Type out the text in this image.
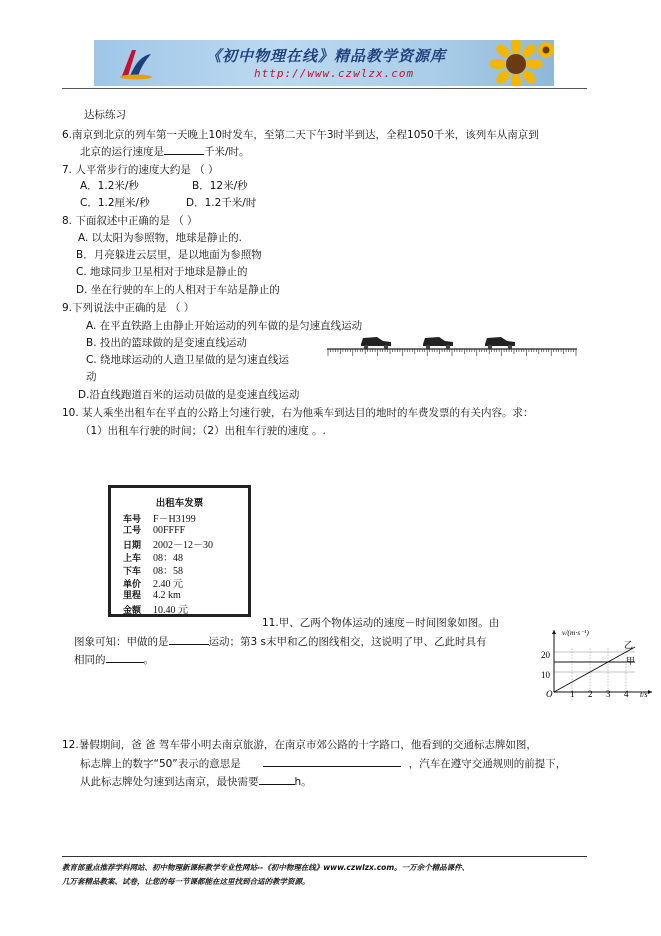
《初中物理在线》精品教学资源库
http://www.czwlzx.com
达标练习
6.南京到北京的列车第一天晚上10时发车，至第二天下午3时半到达，全程1050千米，该列车从南京到
北京的运行速度是	千米/时。
7. 人平常步行的速度大约是 （ ）
A．1.2米/秒	B．12米/秒
C．1.2厘米/秒	D．1.2千米/时
8. 下面叙述中正确的是 （ ）
A. 以太阳为参照物，地球是静止的.
B．月亮躲进云层里，是以地面为参照物
C. 地球同步卫星相对于地球是静止的
D. 坐在行驶的车上的人相对于车站是静止的
9.下列说法中正确的是 （ ）
A. 在平直铁路上由静止开始运动的列车做的是匀速直线运动
B. 投出的篮球做的是变速直线运动
C. 绕地球运动的人造卫星做的是匀速直线运
动
D.沿直线跑道百米的运动员做的是变速直线运动
10. 某人乘坐出租车在平直的公路上匀速行驶，右为他乘车到达目的地时的车费发票的有关内容。求：
（1）出租车行驶的时间；（2）出租车行驶的速度 。.
出租车发票
车号 F－H3199
工号 00FFFF
日期 2002－12－30
上车 08：48
下车 08：58
单价 2.40 元
里程 4.2 km
金额 10.40 元
11.甲、乙两个物体运动的速度－时间图象如图。由
图象可知：甲做的是	运动；第3 s末甲和乙的图线相交，这说明了甲、乙此时具有
相同的	。
v/(m·s⁻¹)
t/s
20
10
O 1 2 3 4
乙
甲
12.暑假期间，爸 爸 驾车带小明去南京旅游，在南京市郊公路的十字路口，他看到的交通标志牌如图，
标志牌上的数字“50”表示的意思是	，汽车在遵守交通规则的前提下，
从此标志牌处匀速到达南京，最快需要	h。
教育部重点推荐学科网站、初中物理新课标教学专业性网站--《初中物理在线》www.czwlzx.com。一万余个精品课件、
几万套精品教案、试卷，让您的每一节课都能在这里找到合适的教学资源。
